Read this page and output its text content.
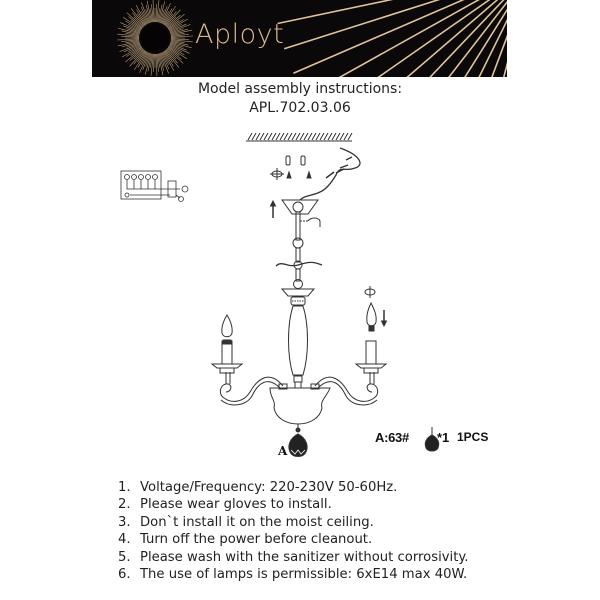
Aployt
Model assembly instructions:
APL.702.03.06
A
A:63# *1 1PCS
1. Voltage/Frequency: 220-230V 50-60Hz.
2. Please wear gloves to install.
3. Don`t install it on the moist ceiling.
4. Turn off the power before cleanout.
5. Please wash with the sanitizer without corrosivity.
6. The use of lamps is permissible: 6xE14 max 40W.
